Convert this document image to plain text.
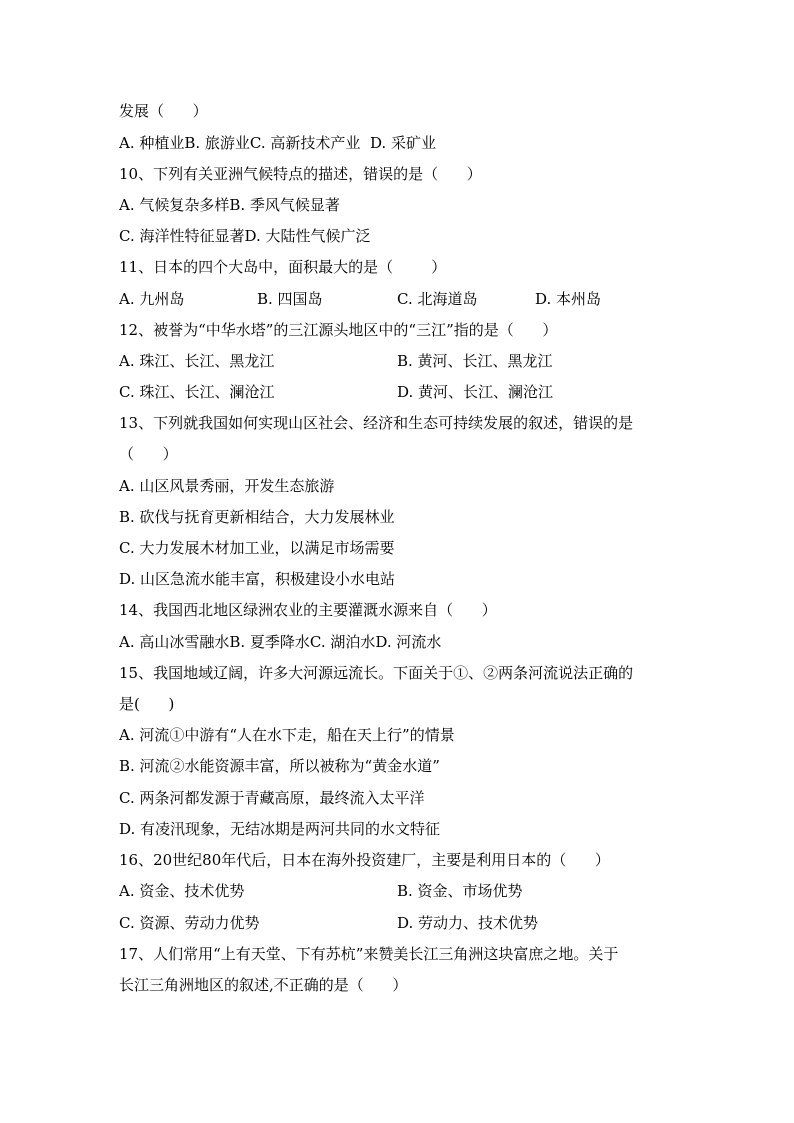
发展（      ）
A. 种植业B. 旅游业C. 高新技术产业  D. 采矿业
10、下列有关亚洲气候特点的描述，错误的是（      ）
A. 气候复杂多样B. 季风气候显著
C. 海洋性特征显著D. 大陆性气候广泛
11、日本的四个大岛中，面积最大的是（        ）
A. 九州岛	B. 四国岛	C. 北海道岛	D. 本州岛
12、被誉为“中华水塔”的三江源头地区中的“三江”指的是（      ）
A. 珠江、长江、黑龙江	B. 黄河、长江、黑龙江
C. 珠江、长江、澜沧江	D. 黄河、长江、澜沧江
13、下列就我国如何实现山区社会、经济和生态可持续发展的叙述，错误的是
（      ）
A. 山区风景秀丽，开发生态旅游
B. 砍伐与抚育更新相结合，大力发展林业
C. 大力发展木材加工业，以满足市场需要
D. 山区急流水能丰富，积极建设小水电站
14、我国西北地区绿洲农业的主要灌溉水源来自（      ）
A. 高山冰雪融水B. 夏季降水C. 湖泊水D. 河流水
15、我国地域辽阔，许多大河源远流长。下面关于①、②两条河流说法正确的
是(      )
A. 河流①中游有“人在水下走，船在天上行”的情景
B. 河流②水能资源丰富，所以被称为“黄金水道”
C. 两条河都发源于青藏高原，最终流入太平洋
D. 有凌汛现象，无结冰期是两河共同的水文特征
16、20世纪80年代后，日本在海外投资建厂，主要是利用日本的（      ）
A. 资金、技术优势	B. 资金、市场优势
C. 资源、劳动力优势	D. 劳动力、技术优势
17、人们常用“上有天堂、下有苏杭”来赞美长江三角洲这块富庶之地。关于
长江三角洲地区的叙述,不正确的是（      ）
